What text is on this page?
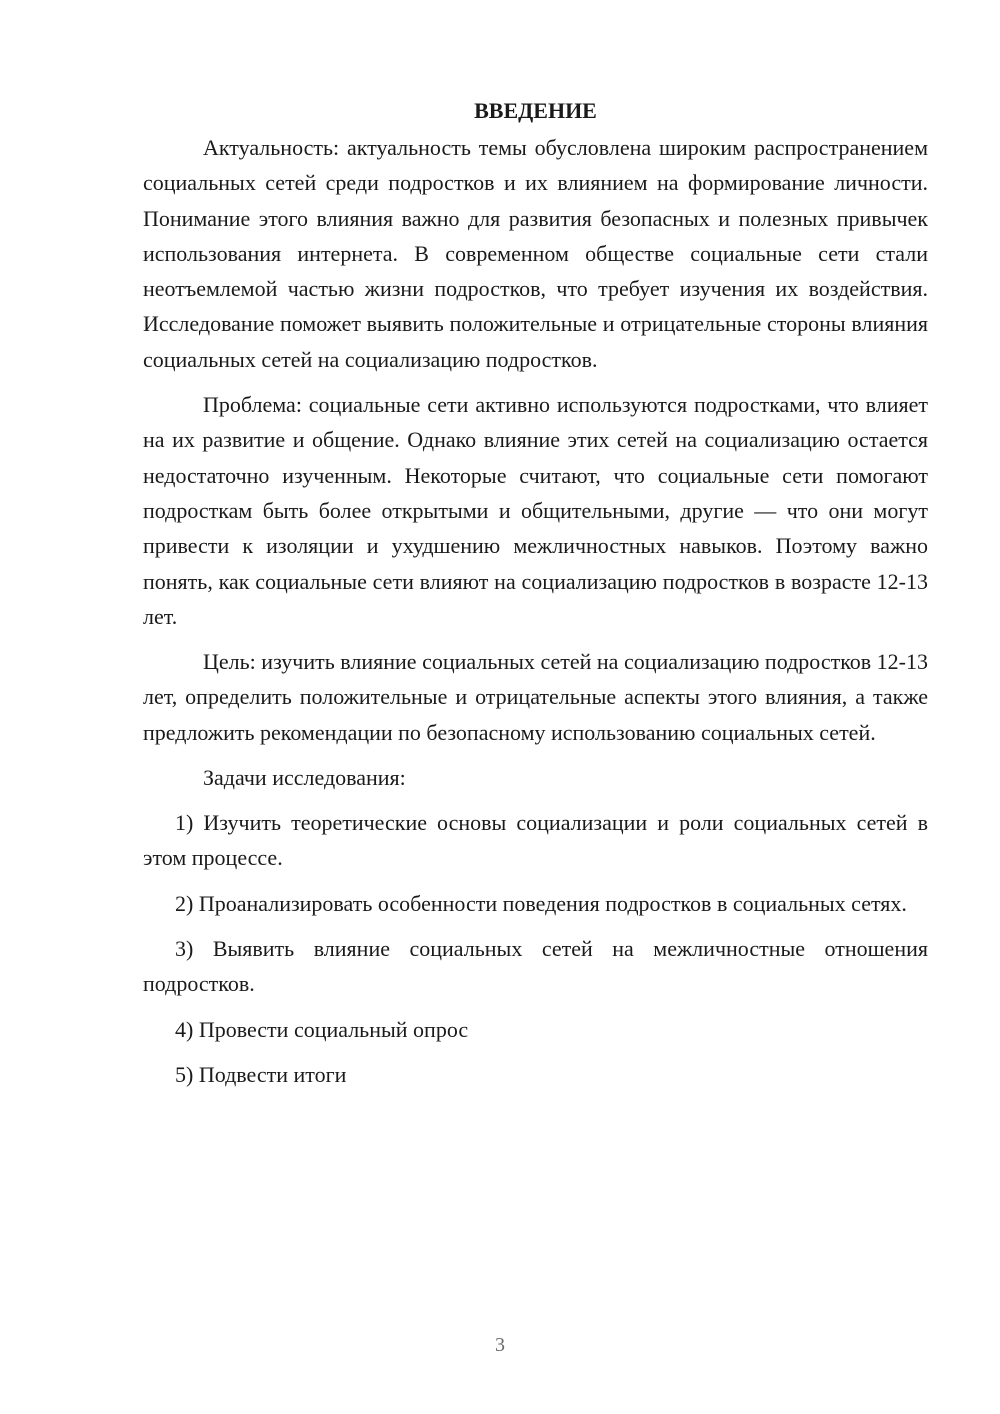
ВВЕДЕНИЕ

Актуальность: актуальность темы обусловлена широким распространением социальных сетей среди подростков и их влиянием на формирование личности. Понимание этого влияния важно для развития безопасных и полезных привычек использования интернета. В современном обществе социальные сети стали неотъемлемой частью жизни подростков, что требует изучения их воздействия. Исследование поможет выявить положительные и отрицательные стороны влияния социальных сетей на социализацию подростков.

Проблема: социальные сети активно используются подростками, что влияет на их развитие и общение. Однако влияние этих сетей на социализацию остается недостаточно изученным. Некоторые считают, что социальные сети помогают подросткам быть более открытыми и общительными, другие — что они могут привести к изоляции и ухудшению межличностных навыков. Поэтому важно понять, как социальные сети влияют на социализацию подростков в возрасте 12-13 лет.

Цель: изучить влияние социальных сетей на социализацию подростков 12-13 лет, определить положительные и отрицательные аспекты этого влияния, а также предложить рекомендации по безопасному использованию социальных сетей.

Задачи исследования:

1) Изучить теоретические основы социализации и роли социальных сетей в этом процессе.

2) Проанализировать особенности поведения подростков в социальных сетях.

3) Выявить влияние социальных сетей на межличностные отношения подростков.

4) Провести социальный опрос

5) Подвести итоги

3
